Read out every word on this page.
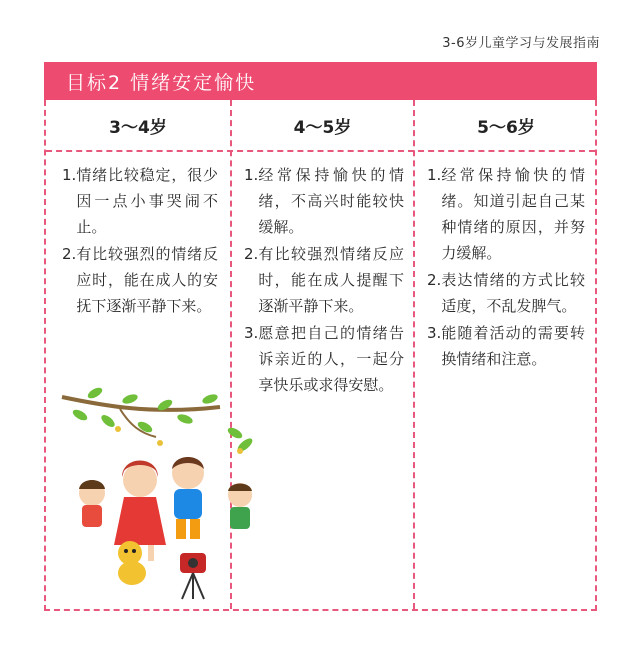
3-6岁儿童学习与发展指南
目标2 情绪安定愉快
3～4岁	4～5岁	5～6岁
1. 情绪比较稳定，很少因一点小事哭闹不止。
2. 有比较强烈的情绪反应时，能在成人的安抚下逐渐平静下来。
1. 经常保持愉快的情绪，不高兴时能较快缓解。
2. 有比较强烈情绪反应时，能在成人提醒下逐渐平静下来。
3. 愿意把自己的情绪告诉亲近的人，一起分享快乐或求得安慰。
1. 经常保持愉快的情绪。知道引起自己某种情绪的原因，并努力缓解。
2. 表达情绪的方式比较适度，不乱发脾气。
3. 能随着活动的需要转换情绪和注意。
